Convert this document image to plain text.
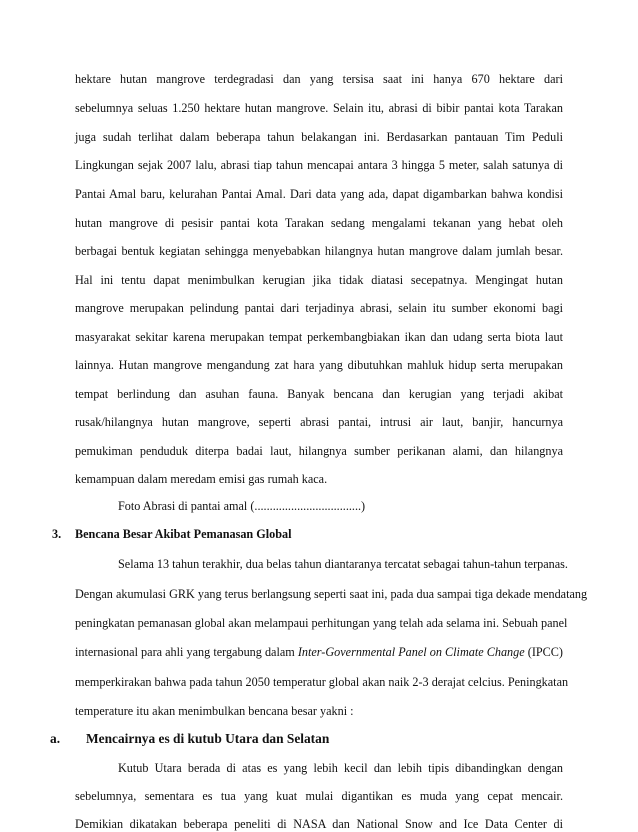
hektare hutan mangrove terdegradasi dan yang tersisa saat ini hanya 670 hektare dari
sebelumnya seluas 1.250 hektare hutan mangrove. Selain itu, abrasi di bibir pantai kota Tarakan
juga sudah terlihat dalam beberapa tahun belakangan ini. Berdasarkan pantauan Tim Peduli
Lingkungan sejak 2007 lalu, abrasi tiap tahun mencapai antara 3 hingga 5 meter, salah satunya di
Pantai Amal baru, kelurahan Pantai Amal. Dari data yang ada, dapat digambarkan bahwa kondisi
hutan mangrove di pesisir pantai kota Tarakan sedang mengalami tekanan yang hebat oleh
berbagai bentuk kegiatan sehingga menyebabkan hilangnya hutan mangrove dalam jumlah besar.
Hal ini tentu dapat menimbulkan kerugian jika tidak diatasi secepatnya. Mengingat hutan
mangrove merupakan pelindung pantai dari terjadinya abrasi, selain itu sumber ekonomi bagi
masyarakat sekitar karena merupakan tempat perkembangbiakan ikan dan udang serta biota laut
lainnya. Hutan mangrove mengandung zat hara yang dibutuhkan mahluk hidup serta merupakan
tempat berlindung dan asuhan fauna. Banyak bencana dan kerugian yang terjadi akibat
rusak/hilangnya hutan mangrove, seperti abrasi pantai, intrusi air laut, banjir, hancurnya
pemukiman penduduk diterpa badai laut, hilangnya sumber perikanan alami, dan hilangnya
kemampuan dalam meredam emisi gas rumah kaca.
Foto Abrasi di pantai amal (...................................)
3. Bencana Besar Akibat Pemanasan Global
Selama 13 tahun terakhir, dua belas tahun diantaranya tercatat sebagai tahun-tahun terpanas.
Dengan akumulasi GRK yang terus berlangsung seperti saat ini, pada dua sampai tiga dekade mendatang
peningkatan pemanasan global akan melampaui perhitungan yang telah ada selama ini. Sebuah panel
internasional para ahli yang tergabung dalam Inter-Governmental Panel on Climate Change (IPCC)
memperkirakan bahwa pada tahun 2050 temperatur global akan naik 2-3 derajat celcius. Peningkatan
temperature itu akan menimbulkan bencana besar yakni :
a. Mencairnya es di kutub Utara dan Selatan
Kutub Utara berada di atas es yang lebih kecil dan lebih tipis dibandingkan dengan
sebelumnya, sementara es tua yang kuat mulai digantikan es muda yang cepat mencair.
Demikian dikatakan beberapa peneliti di NASA dan National Snow and Ice Data Center di
